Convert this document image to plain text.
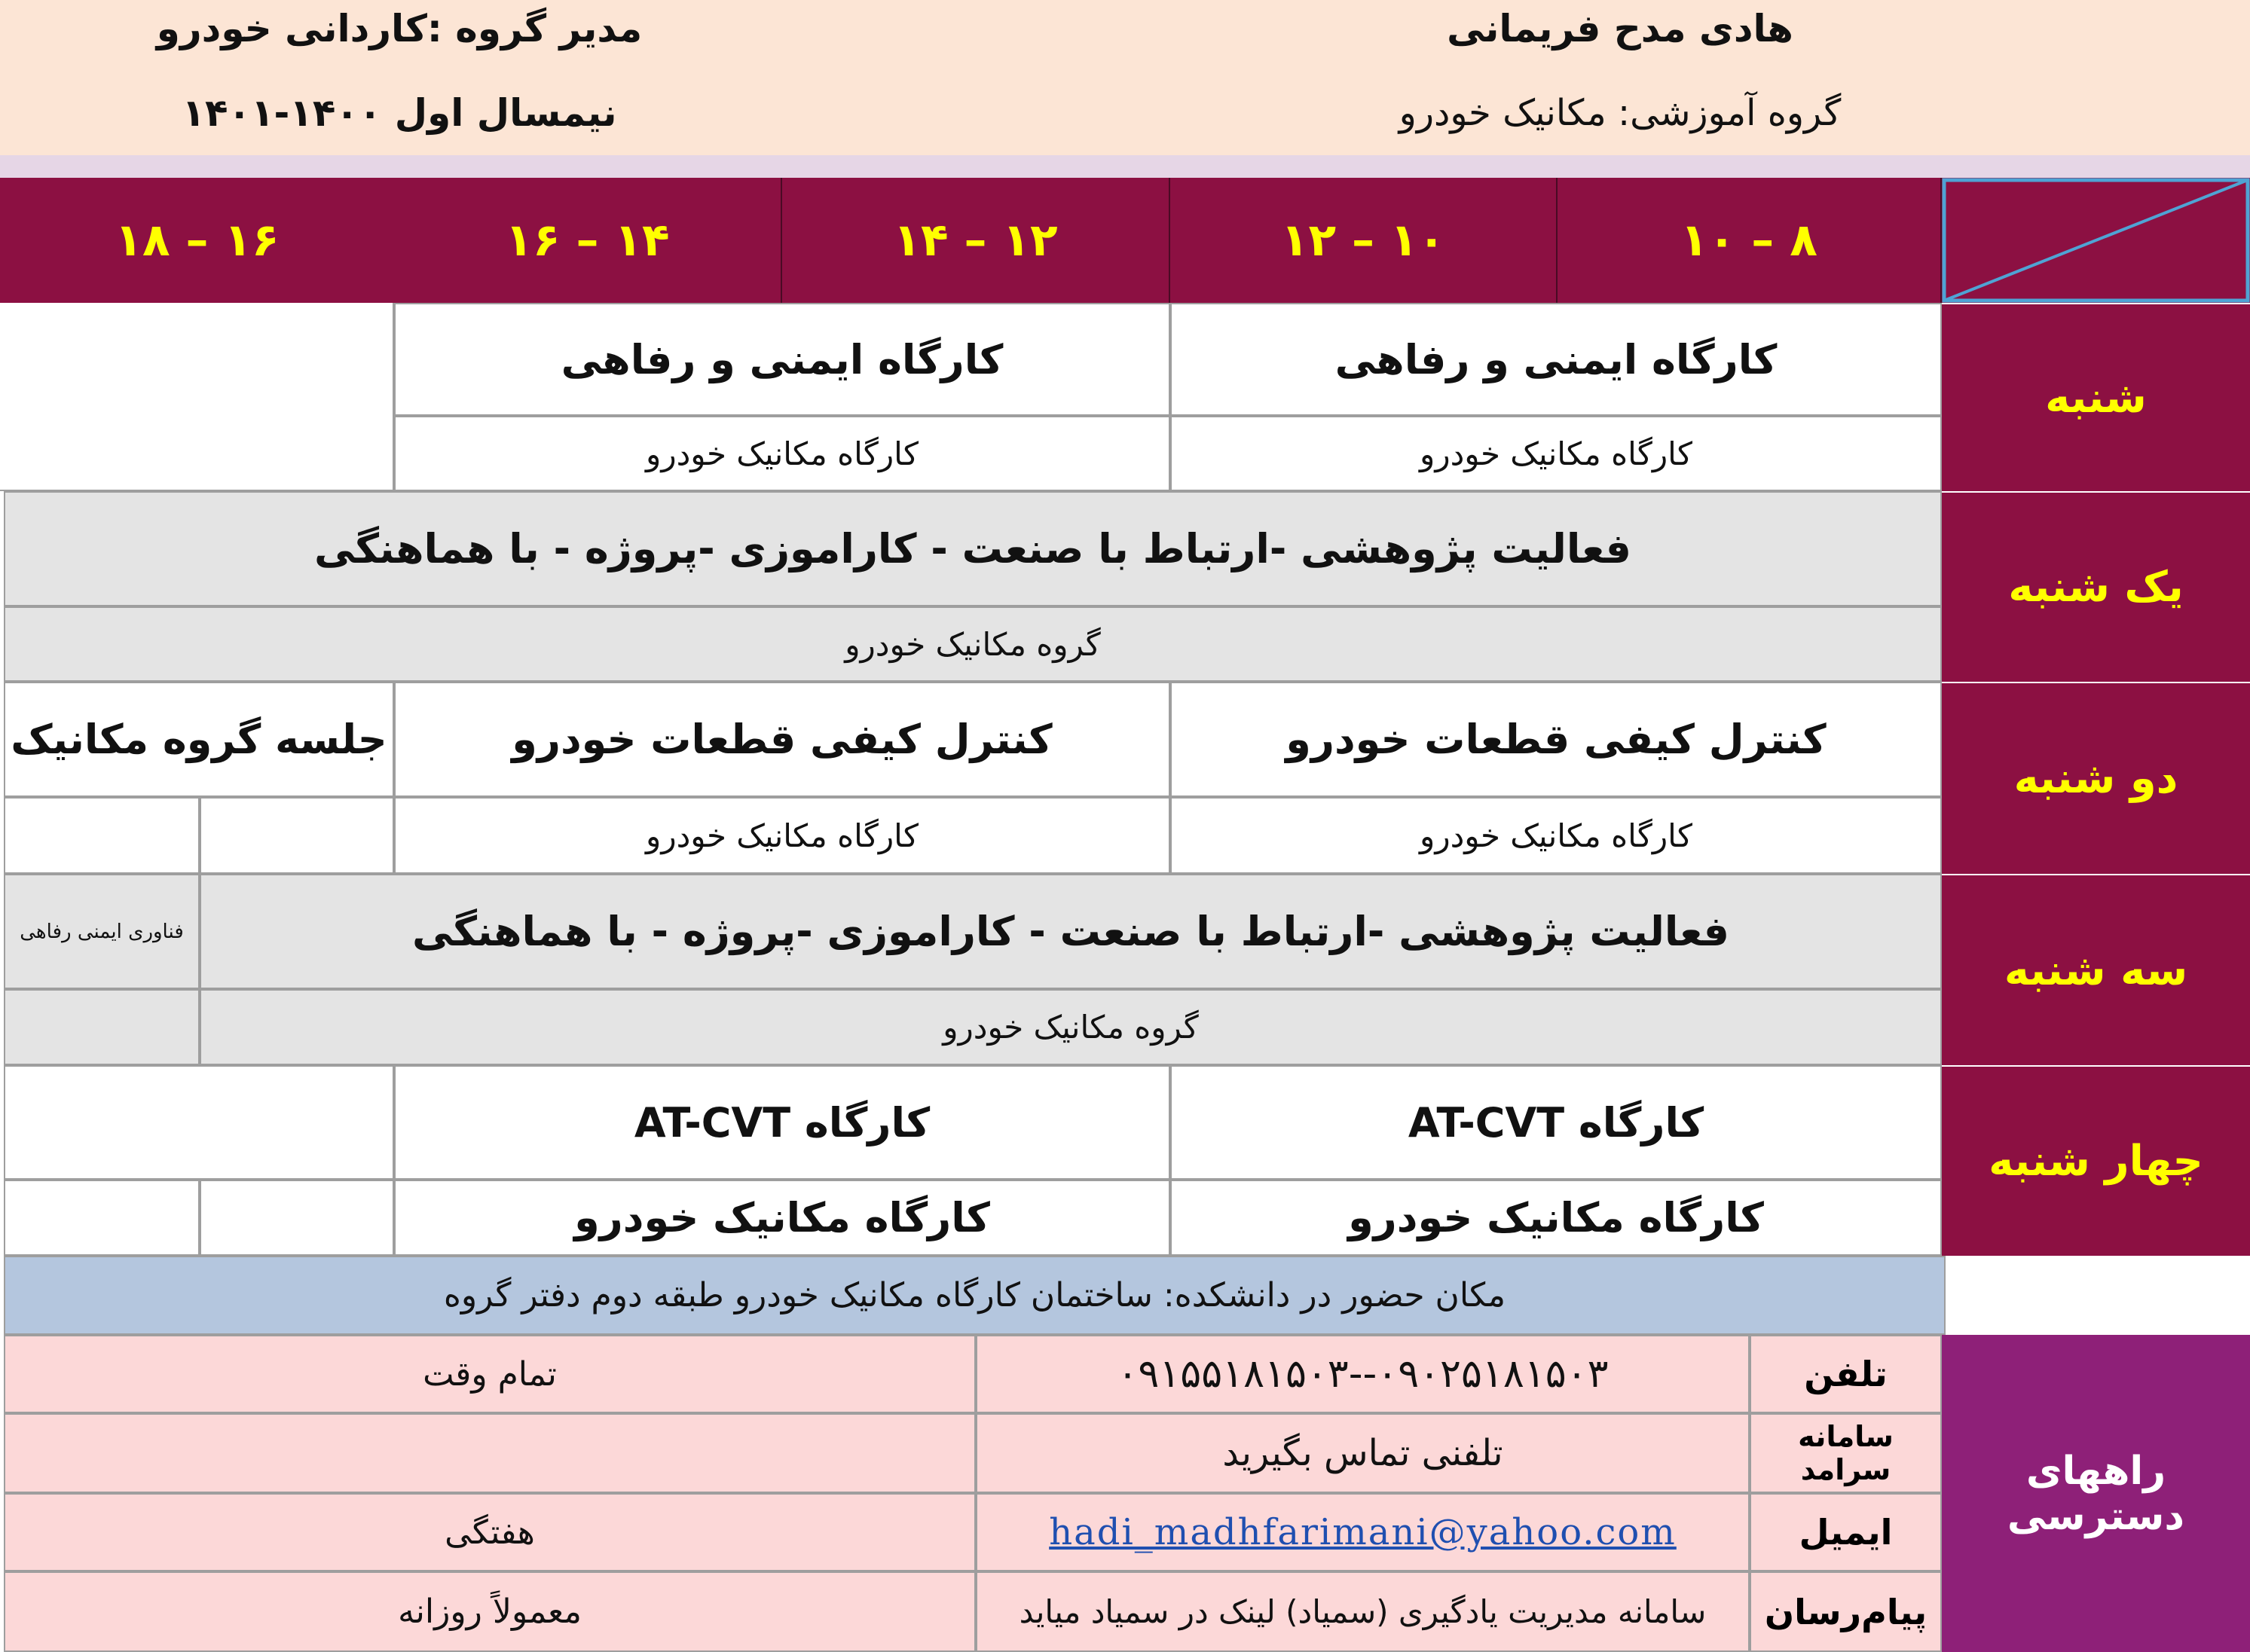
مدیر گروه :کاردانی خودرو
نیمسال اول ۱۴۰۰-۱۴۰۱
هادی مدح فریمانی
گروه آموزشی: مکانیک خودرو
۸ – ۱۰
۱۰ – ۱۲
۱۲ – ۱۴
۱۴ – ۱۶
۱۶ – ۱۸
شنبه
یک شنبه
دو شنبه
سه شنبه
چهار شنبه
کارگاه ایمنی و رفاهی
کارگاه مکانیک خودرو
کارگاه ایمنی و رفاهی
کارگاه مکانیک خودرو
فعالیت پژوهشی -ارتباط با صنعت - کاراموزی -پروژه - با هماهنگی
گروه مکانیک خودرو
کنترل کیفی قطعات خودرو
کارگاه مکانیک خودرو
کنترل کیفی قطعات خودرو
کارگاه مکانیک خودرو
جلسه گروه مکانیک
فعالیت پژوهشی -ارتباط با صنعت - کاراموزی -پروژه - با هماهنگی
گروه مکانیک خودرو
فناوری ایمنی رفاهی
کارگاه AT-CVT
کارگاه مکانیک خودرو
کارگاه AT-CVT
کارگاه مکانیک خودرو
مکان حضور در دانشکده: ساختمان کارگاه مکانیک خودرو طبقه دوم دفتر گروه
راههای دسترسی
تلفن
۰۹۰۲۵۱۸۱۵۰۳--۰۹۱۵۵۱۸۱۵۰۳
تمام وقت
سامانه سرامد
تلفنی تماس بگیرید
ایمیل
hadi_madhfarimani@yahoo.com
هفتگی
پیام‌رسان
سامانه مدیریت یادگیری (سمیاد) لینک در سمیاد میاید
معمولاً روزانه
